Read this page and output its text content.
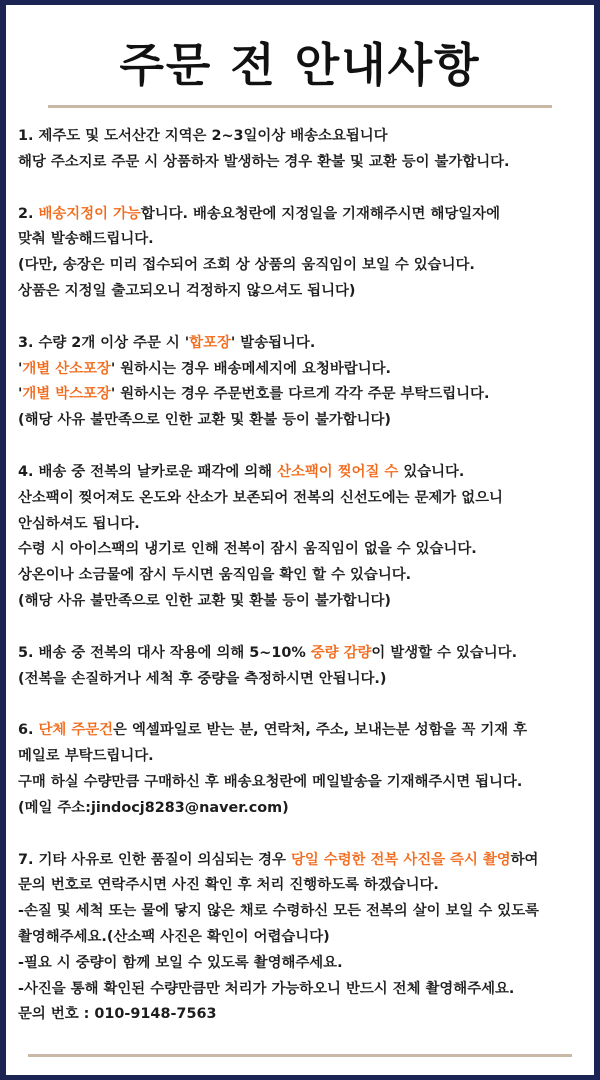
주문 전 안내사항
1. 제주도 및 도서산간 지역은 2~3일이상 배송소요됩니다
해당 주소지로 주문 시 상품하자 발생하는 경우 환불 및 교환 등이 불가합니다.
2. 배송지정이 가능합니다. 배송요청란에 지정일을 기재해주시면 해당일자에
맞춰 발송해드립니다.
(다만, 송장은 미리 접수되어 조회 상 상품의 움직임이 보일 수 있습니다.
상품은 지정일 출고되오니 걱정하지 않으셔도 됩니다)
3. 수량 2개 이상 주문 시 '합포장' 발송됩니다.
'개별 산소포장' 원하시는 경우 배송메세지에 요청바랍니다.
'개별 박스포장' 원하시는 경우 주문번호를 다르게 각각 주문 부탁드립니다.
(해당 사유 불만족으로 인한 교환 및 환불 등이 불가합니다)
4. 배송 중 전복의 날카로운 패각에 의해 산소팩이 찢어질 수 있습니다.
산소팩이 찢어져도 온도와 산소가 보존되어 전복의 신선도에는 문제가 없으니
안심하셔도 됩니다.
수령 시 아이스팩의 냉기로 인해 전복이 잠시 움직임이 없을 수 있습니다.
상온이나 소금물에 잠시 두시면 움직임을 확인 할 수 있습니다.
(해당 사유 불만족으로 인한 교환 및 환불 등이 불가합니다)
5. 배송 중 전복의 대사 작용에 의해 5~10% 중량 감량이 발생할 수 있습니다.
(전복을 손질하거나 세척 후 중량을 측정하시면 안됩니다.)
6. 단체 주문건은 엑셀파일로 받는 분, 연락처, 주소, 보내는분 성함을 꼭 기재 후
메일로 부탁드립니다.
구매 하실 수량만큼 구매하신 후 배송요청란에 메일발송을 기재해주시면 됩니다.
(메일 주소:jindocj8283@naver.com)
7. 기타 사유로 인한 품질이 의심되는 경우 당일 수령한 전복 사진을 즉시 촬영하여
문의 번호로 연락주시면 사진 확인 후 처리 진행하도록 하겠습니다.
-손질 및 세척 또는 물에 닿지 않은 채로 수령하신 모든 전복의 살이 보일 수 있도록
촬영해주세요.(산소팩 사진은 확인이 어렵습니다)
-필요 시 중량이 함께 보일 수 있도록 촬영해주세요.
-사진을 통해 확인된 수량만큼만 처리가 가능하오니 반드시 전체 촬영해주세요.
문의 번호 : 010-9148-7563
